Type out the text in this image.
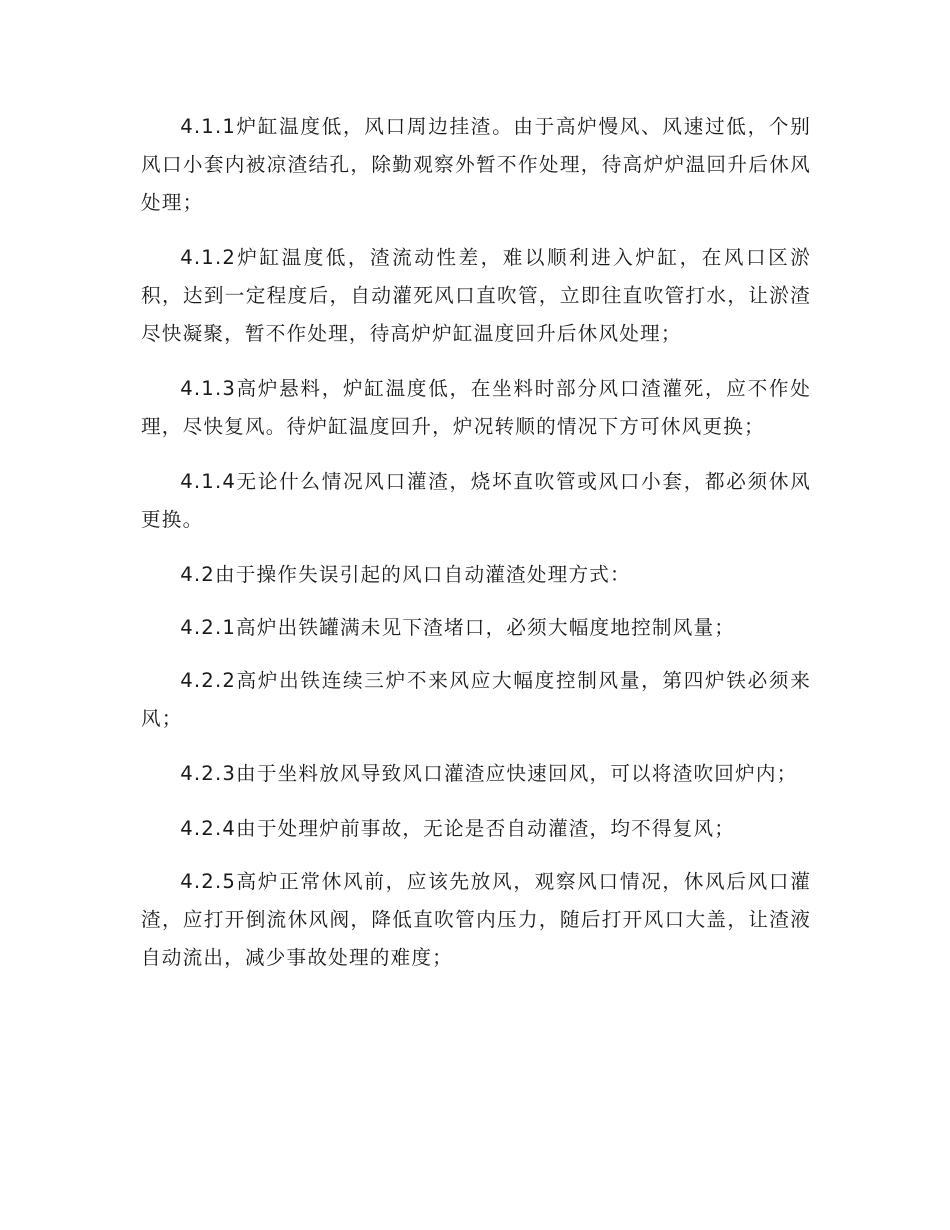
4.1.1炉缸温度低，风口周边挂渣。由于高炉慢风、风速过低，个别风口小套内被凉渣结孔，除勤观察外暂不作处理，待高炉炉温回升后休风处理；

4.1.2炉缸温度低，渣流动性差，难以顺利进入炉缸，在风口区淤积，达到一定程度后，自动灌死风口直吹管，立即往直吹管打水，让淤渣尽快凝聚，暂不作处理，待高炉炉缸温度回升后休风处理；

4.1.3高炉悬料，炉缸温度低，在坐料时部分风口渣灌死，应不作处理，尽快复风。待炉缸温度回升，炉况转顺的情况下方可休风更换；

4.1.4无论什么情况风口灌渣，烧坏直吹管或风口小套，都必须休风更换。

4.2由于操作失误引起的风口自动灌渣处理方式：

4.2.1高炉出铁罐满未见下渣堵口，必须大幅度地控制风量；

4.2.2高炉出铁连续三炉不来风应大幅度控制风量，第四炉铁必须来风；

4.2.3由于坐料放风导致风口灌渣应快速回风，可以将渣吹回炉内；

4.2.4由于处理炉前事故，无论是否自动灌渣，均不得复风；

4.2.5高炉正常休风前，应该先放风，观察风口情况，休风后风口灌渣，应打开倒流休风阀，降低直吹管内压力，随后打开风口大盖，让渣液自动流出，减少事故处理的难度；
